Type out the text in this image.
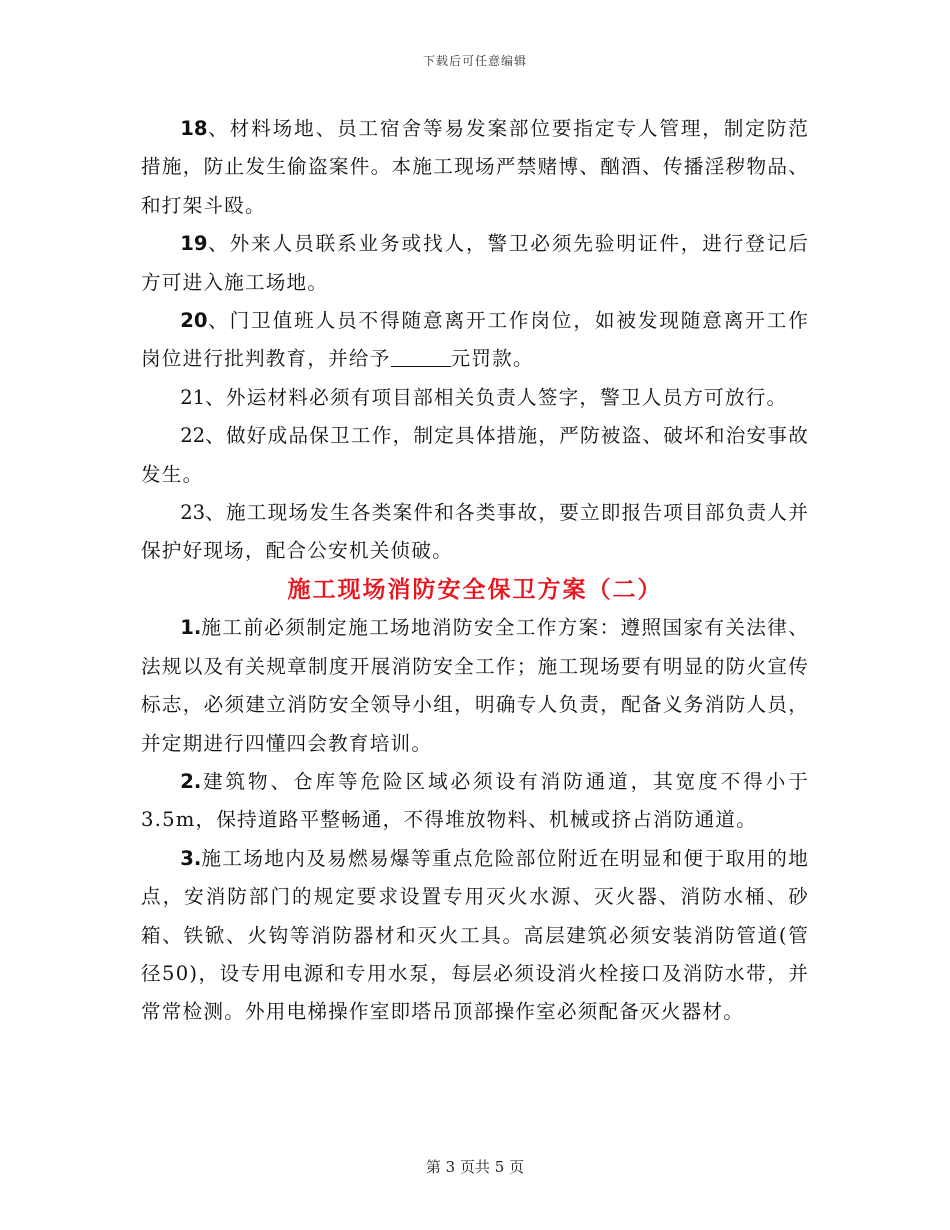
下载后可任意编辑

18、材料场地、员工宿舍等易发案部位要指定专人管理，制定防范措施，防止发生偷盗案件。本施工现场严禁赌博、酗酒、传播淫秽物品、和打架斗殴。

19、外来人员联系业务或找人，警卫必须先验明证件，进行登记后方可进入施工场地。

20、门卫值班人员不得随意离开工作岗位，如被发现随意离开工作岗位进行批判教育，并给予	元罚款。

21、外运材料必须有项目部相关负责人签字，警卫人员方可放行。

22、做好成品保卫工作，制定具体措施，严防被盗、破坏和治安事故发生。

23、施工现场发生各类案件和各类事故，要立即报告项目部负责人并保护好现场，配合公安机关侦破。

施工现场消防安全保卫方案（二）

1.施工前必须制定施工场地消防安全工作方案：遵照国家有关法律、法规以及有关规章制度开展消防安全工作；施工现场要有明显的防火宣传标志，必须建立消防安全领导小组，明确专人负责，配备义务消防人员，并定期进行四懂四会教育培训。

2.建筑物、仓库等危险区域必须设有消防通道，其宽度不得小于3.5m，保持道路平整畅通，不得堆放物料、机械或挤占消防通道。

3.施工场地内及易燃易爆等重点危险部位附近在明显和便于取用的地点，安消防部门的规定要求设置专用灭火水源、灭火器、消防水桶、砂箱、铁锨、火钩等消防器材和灭火工具。高层建筑必须安装消防管道(管径50)，设专用电源和专用水泵，每层必须设消火栓接口及消防水带，并常常检测。外用电梯操作室即塔吊顶部操作室必须配备灭火器材。

第 3 页共 5 页
